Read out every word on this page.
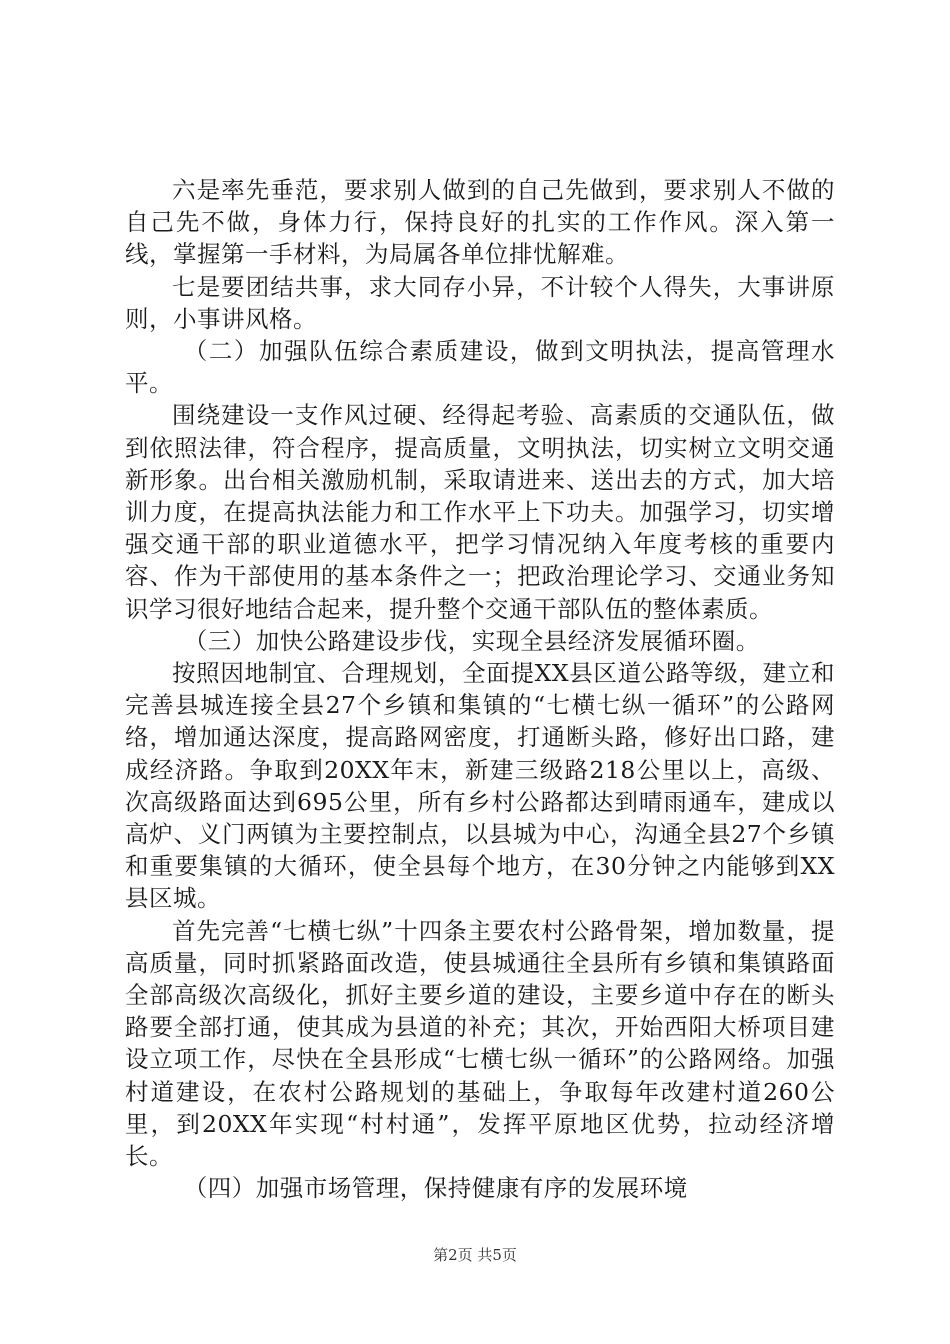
六是率先垂范，要求别人做到的自己先做到，要求别人不做的自己先不做，身体力行，保持良好的扎实的工作作风。深入第一线，掌握第一手材料，为局属各单位排忧解难。

七是要团结共事，求大同存小异，不计较个人得失，大事讲原则，小事讲风格。

（二）加强队伍综合素质建设，做到文明执法，提高管理水平。

围绕建设一支作风过硬、经得起考验、高素质的交通队伍，做到依照法律，符合程序，提高质量，文明执法，切实树立文明交通新形象。出台相关激励机制，采取请进来、送出去的方式，加大培训力度，在提高执法能力和工作水平上下功夫。加强学习，切实增强交通干部的职业道德水平，把学习情况纳入年度考核的重要内容、作为干部使用的基本条件之一；把政治理论学习、交通业务知识学习很好地结合起来，提升整个交通干部队伍的整体素质。

（三）加快公路建设步伐，实现全县经济发展循环圈。

按照因地制宜、合理规划，全面提XX县区道公路等级，建立和完善县城连接全县27个乡镇和集镇的“七横七纵一循环”的公路网络，增加通达深度，提高路网密度，打通断头路，修好出口路，建成经济路。争取到20XX年末，新建三级路218公里以上，高级、次高级路面达到695公里，所有乡村公路都达到晴雨通车，建成以高炉、义门两镇为主要控制点，以县城为中心，沟通全县27个乡镇和重要集镇的大循环，使全县每个地方，在30分钟之内能够到XX县区城。

首先完善“七横七纵”十四条主要农村公路骨架，增加数量，提高质量，同时抓紧路面改造，使县城通往全县所有乡镇和集镇路面全部高级次高级化，抓好主要乡道的建设，主要乡道中存在的断头路要全部打通，使其成为县道的补充；其次，开始西阳大桥项目建设立项工作，尽快在全县形成“七横七纵一循环”的公路网络。加强村道建设，在农村公路规划的基础上，争取每年改建村道260公里，到20XX年实现“村村通”，发挥平原地区优势，拉动经济增长。

（四）加强市场管理，保持健康有序的发展环境

第2页 共5页
